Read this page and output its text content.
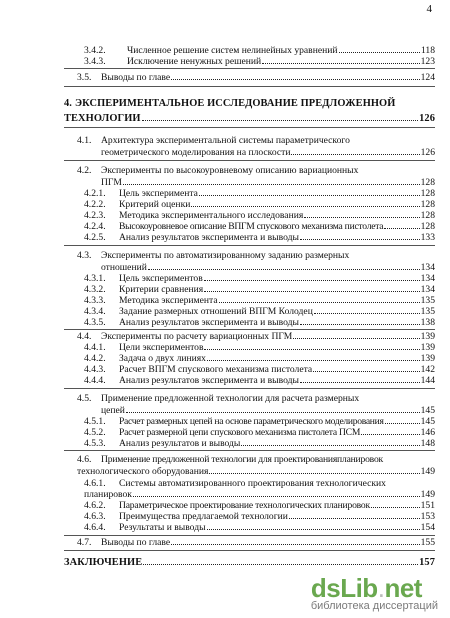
4
3.4.2.	Численное решение систем нелинейных уравнений	118
3.4.3.	Исключение ненужных решений	123
3.5.	Выводы по главе	124
4. ЭКСПЕРИМЕНТАЛЬНОЕ ИССЛЕДОВАНИЕ ПРЕДЛОЖЕННОЙ
ТЕХНОЛОГИИ	126
4.1.	Архитектура экспериментальной системы параметрического
геометрического моделирования на плоскости	126
4.2.	Эксперименты по высокоуровневому описанию вариационных
ПГМ	128
4.2.1.	Цель эксперимента	128
4.2.2.	Критерий оценки	128
4.2.3.	Методика экспериментального исследования	128
4.2.4.	Высокоуровневое описание ВПГМ спускового механизма пистолета	128
4.2.5.	Анализ результатов эксперимента и выводы	133
4.3.	Эксперименты по автоматизированному заданию размерных
отношений	134
4.3.1.	Цель экспериментов	134
4.3.2.	Критерии сравнения	134
4.3.3.	Методика эксперимента	135
4.3.4.	Задание размерных отношений ВПГМ Колодец	135
4.3.5.	Анализ результатов эксперимента и выводы	138
4.4.	Эксперименты по расчету вариационных ПГМ	139
4.4.1.	Цели экспериментов	139
4.4.2.	Задача о двух линиях	139
4.4.3.	Расчет ВПГМ спускового механизма пистолета	142
4.4.4.	Анализ результатов эксперимента и выводы	144
4.5.	Применение предложенной технологии для расчета размерных
цепей	145
4.5.1.	Расчет размерных цепей на основе параметрического моделирования	145
4.5.2.	Расчет размерной цепи спускового механизма пистолета ПСМ	146
4.5.3.	Анализ результатов и выводы	148
4.6.	Применение предложенной технологии для проектированияпланировок
технологического оборудования	149
4.6.1.	Системы автоматизированного проектирования технологических
планировок	149
4.6.2.	Параметрическое проектирование технологических планировок	151
4.6.3.	Преимущества предлагаемой технологии	153
4.6.4.	Результаты и выводы	154
4.7.	Выводы по главе	155
ЗАКЛЮЧЕНИЕ	157
dsLib.net
библиотека диссертаций
